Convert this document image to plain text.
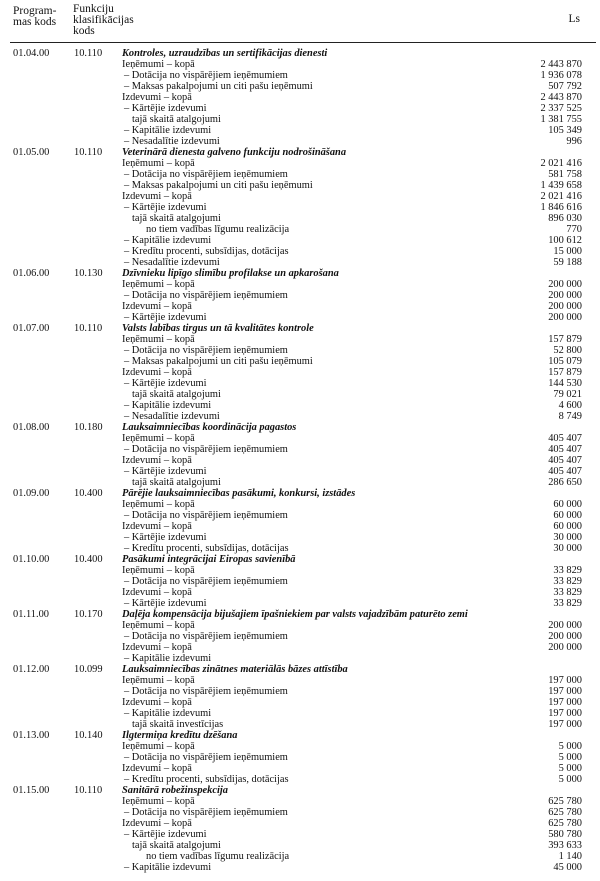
Program-
mas kods
Funkciju
klasifikācijas
kods
Ls
01.04.00 10.110 Kontroles, uzraudzības un sertifikācijas dienesti
Ieņēmumi – kopā	2 443 870
– Dotācija no vispārējiem ieņēmumiem	1 936 078
– Maksas pakalpojumi un citi pašu ieņēmumi	507 792
Izdevumi – kopā	2 443 870
– Kārtējie izdevumi	2 337 525
tajā skaitā atalgojumi	1 381 755
– Kapitālie izdevumi	105 349
– Nesadalītie izdevumi	996
01.05.00 10.110 Veterinārā dienesta galveno funkciju nodrošināšana
Ieņēmumi – kopā	2 021 416
– Dotācija no vispārējiem ieņēmumiem	581 758
– Maksas pakalpojumi un citi pašu ieņēmumi	1 439 658
Izdevumi – kopā	2 021 416
– Kārtējie izdevumi	1 846 616
tajā skaitā atalgojumi	896 030
no tiem vadības līgumu realizācija	770
– Kapitālie izdevumi	100 612
– Kredītu procenti, subsīdijas, dotācijas	15 000
– Nesadalītie izdevumi	59 188
01.06.00 10.130 Dzīvnieku lipīgo slimību profilakse un apkarošana
Ieņēmumi – kopā	200 000
– Dotācija no vispārējiem ieņēmumiem	200 000
Izdevumi – kopā	200 000
– Kārtējie izdevumi	200 000
01.07.00 10.110 Valsts labības tirgus un tā kvalitātes kontrole
Ieņēmumi – kopā	157 879
– Dotācija no vispārējiem ieņēmumiem	52 800
– Maksas pakalpojumi un citi pašu ieņēmumi	105 079
Izdevumi – kopā	157 879
– Kārtējie izdevumi	144 530
tajā skaitā atalgojumi	79 021
– Kapitālie izdevumi	4 600
– Nesadalītie izdevumi	8 749
01.08.00 10.180 Lauksaimniecības koordinācija pagastos
Ieņēmumi – kopā	405 407
– Dotācija no vispārējiem ieņēmumiem	405 407
Izdevumi – kopā	405 407
– Kārtējie izdevumi	405 407
tajā skaitā atalgojumi	286 650
01.09.00 10.400 Pārējie lauksaimniecības pasākumi, konkursi, izstādes
Ieņēmumi – kopā	60 000
– Dotācija no vispārējiem ieņēmumiem	60 000
Izdevumi – kopā	60 000
– Kārtējie izdevumi	30 000
– Kredītu procenti, subsīdijas, dotācijas	30 000
01.10.00 10.400 Pasākumi integrācijai Eiropas savienībā
Ieņēmumi – kopā	33 829
– Dotācija no vispārējiem ieņēmumiem	33 829
Izdevumi – kopā	33 829
– Kārtējie izdevumi	33 829
01.11.00 10.170 Daļēja kompensācija bijušajiem īpašniekiem par valsts vajadzībām paturēto zemi
Ieņēmumi – kopā	200 000
– Dotācija no vispārējiem ieņēmumiem	200 000
Izdevumi – kopā	200 000
– Kapitālie izdevumi
01.12.00 10.099 Lauksaimniecības zinātnes materiālās bāzes attīstība
Ieņēmumi – kopā	197 000
– Dotācija no vispārējiem ieņēmumiem	197 000
Izdevumi – kopā	197 000
– Kapitālie izdevumi	197 000
tajā skaitā investīcijas	197 000
01.13.00 10.140 Ilgtermiņa kredītu dzēšana
Ieņēmumi – kopā	5 000
– Dotācija no vispārējiem ieņēmumiem	5 000
Izdevumi – kopā	5 000
– Kredītu procenti, subsīdijas, dotācijas	5 000
01.15.00 10.110 Sanitārā robežinspekcija
Ieņēmumi – kopā	625 780
– Dotācija no vispārējiem ieņēmumiem	625 780
Izdevumi – kopā	625 780
– Kārtējie izdevumi	580 780
tajā skaitā atalgojumi	393 633
no tiem vadības līgumu realizācija	1 140
– Kapitālie izdevumi	45 000
